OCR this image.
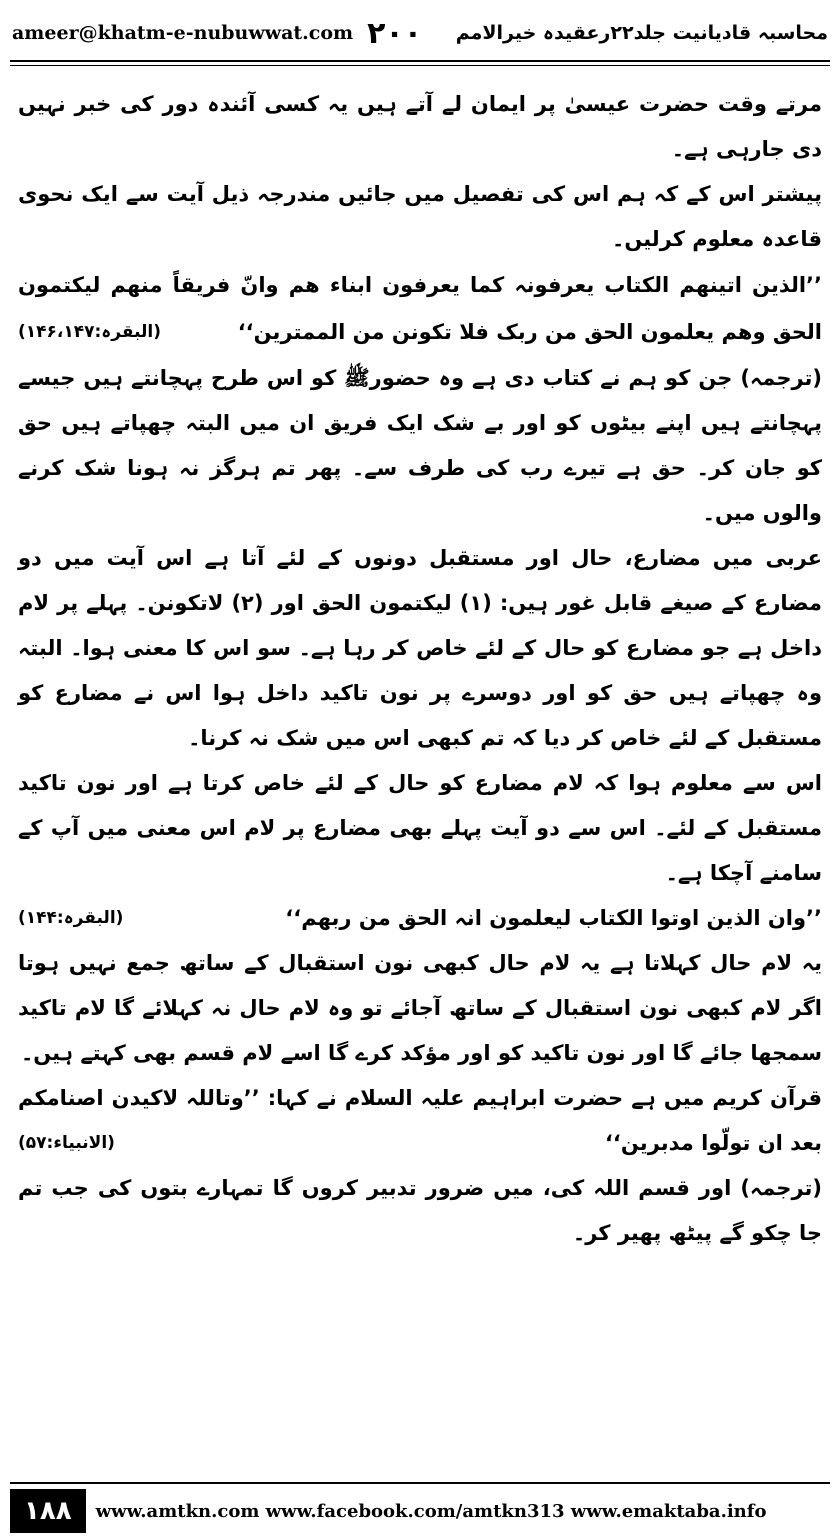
ameer@khatm-e-nubuwwat.com ۲۰۰ محاسبہ قادیانیت جلد۲۲رعقیدہ خیرالامم

مرتے وقت حضرت عیسیٰ پر ایمان لے آتے ہیں یہ کسی آئندہ دور کی خبر نہیں دی جارہی ہے۔

پیشتر اس کے کہ ہم اس کی تفصیل میں جائیں مندرجہ ذیل آیت سے ایک نحوی قاعدہ معلوم کرلیں۔

’’الذین اتینھم الکتاب یعرفونہ کما یعرفون ابناء ھم وانّ فریقاً منھم لیکتمون الحق وھم یعلمون الحق من ربک فلا تکونن من الممترین‘‘
(البقرہ:۱۴۶،۱۴۷)

(ترجمہ) جن کو ہم نے کتاب دی ہے وہ حضورﷺ کو اس طرح پہچانتے ہیں جیسے پہچانتے ہیں اپنے بیٹوں کو اور بے شک ایک فریق ان میں البتہ چھپاتے ہیں حق کو جان کر۔ حق ہے تیرے رب کی طرف سے۔ پھر تم ہرگز نہ ہونا شک کرنے والوں میں۔

عربی میں مضارع، حال اور مستقبل دونوں کے لئے آتا ہے اس آیت میں دو مضارع کے صیغے قابل غور ہیں: (۱) لیکتمون الحق اور (۲) لاتکونن۔ پہلے پر لام داخل ہے جو مضارع کو حال کے لئے خاص کر رہا ہے۔ سو اس کا معنی ہوا۔ البتہ وہ چھپاتے ہیں حق کو اور دوسرے پر نون تاکید داخل ہوا اس نے مضارع کو مستقبل کے لئے خاص کر دیا کہ تم کبھی اس میں شک نہ کرنا۔

اس سے معلوم ہوا کہ لام مضارع کو حال کے لئے خاص کرتا ہے اور نون تاکید مستقبل کے لئے۔ اس سے دو آیت پہلے بھی مضارع پر لام اس معنی میں آپ کے سامنے آچکا ہے۔

’’وان الذین اوتوا الکتاب لیعلمون انہ الحق من ربھم‘‘
(البقرہ:۱۴۴)

یہ لام حال کہلاتا ہے یہ لام حال کبھی نون استقبال کے ساتھ جمع نہیں ہوتا اگر لام کبھی نون استقبال کے ساتھ آجائے تو وہ لام حال نہ کہلائے گا لام تاکید سمجھا جائے گا اور نون تاکید کو اور مؤکد کرے گا اسے لام قسم بھی کہتے ہیں۔

قرآن کریم میں ہے حضرت ابراہیم علیہ السلام نے کہا: ’’وتاللہ لاکیدن اصنامکم بعد ان تولّوا مدبرین‘‘
(الانبیاء:۵۷)

(ترجمہ) اور قسم اللہ کی، میں ضرور تدبیر کروں گا تمہارے بتوں کی جب تم جا چکو گے پیٹھ پھیر کر۔

۱۸۸	www.amtkn.com www.facebook.com/amtkn313 www.emaktaba.info
